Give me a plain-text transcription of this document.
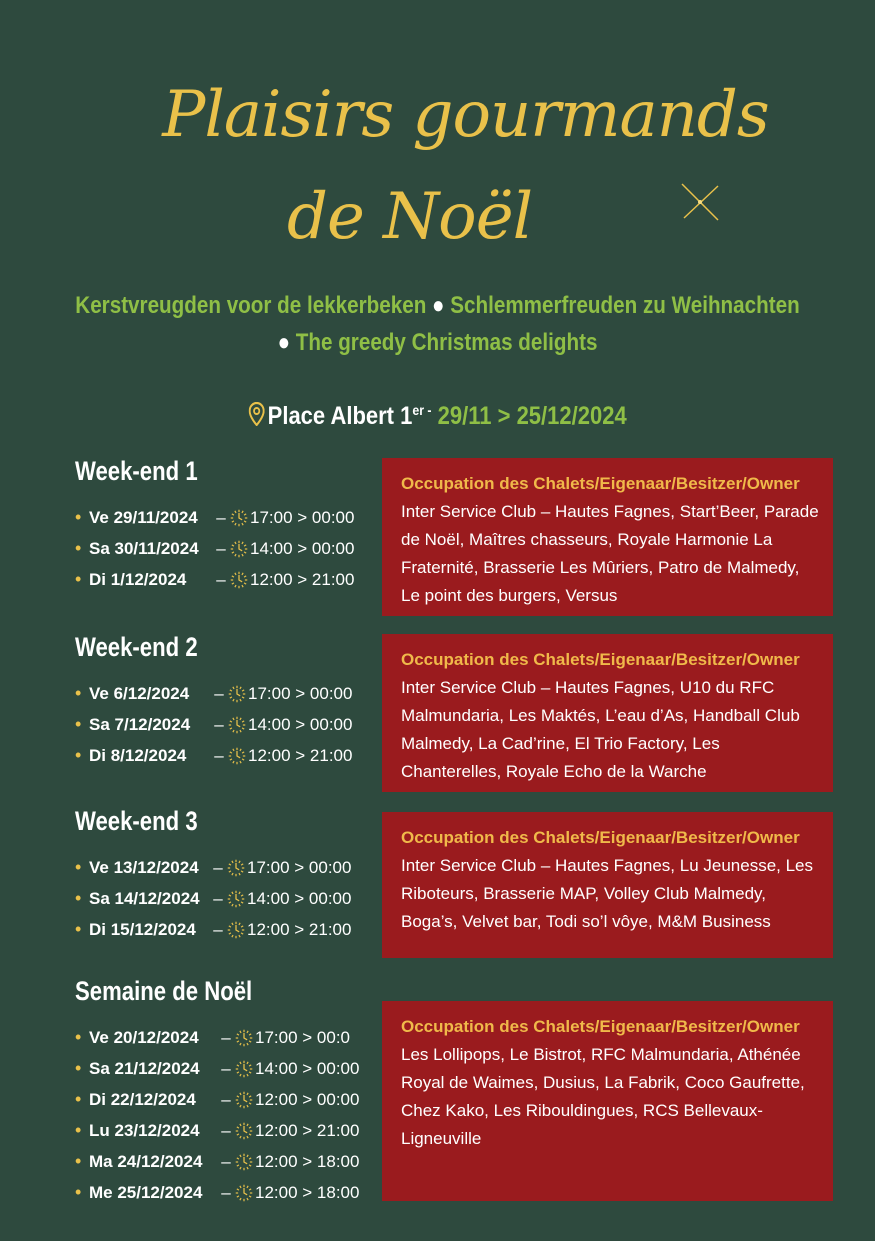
Plaisirs gourmands
de Noël
Kerstvreugden voor de lekkerbeken ● Schlemmerfreuden zu Weihnachten
● The greedy Christmas delights
Place Albert $1^{er -}$ 29/11 > 25/12/2024
Week-end 1
• Ve 29/11/2024	– 17:00 > 00:00
• Sa 30/11/2024	– 14:00 > 00:00
• Di 1/12/2024	– 12:00 > 21:00
Occupation des Chalets/Eigenaar/Besitzer/Owner
Inter Service Club – Hautes Fagnes, Start’Beer, Parade de Noël, Maîtres chasseurs, Royale Harmonie La Fraternité, Brasserie Les Mûriers, Patro de Malmedy, Le point des burgers, Versus
Week-end 2
• Ve 6/12/2024	– 17:00 > 00:00
• Sa 7/12/2024	– 14:00 > 00:00
• Di 8/12/2024	– 12:00 > 21:00
Occupation des Chalets/Eigenaar/Besitzer/Owner
Inter Service Club – Hautes Fagnes, U10 du RFC Malmundaria, Les Maktés, L’eau d’As, Handball Club Malmedy, La Cad’rine, El Trio Factory, Les Chanterelles, Royale Echo de la Warche
Week-end 3
• Ve 13/12/2024 – 17:00 > 00:00
• Sa 14/12/2024 – 14:00 > 00:00
• Di 15/12/2024	– 12:00 > 21:00
Occupation des Chalets/Eigenaar/Besitzer/Owner
Inter Service Club – Hautes Fagnes, Lu Jeunesse, Les Riboteurs, Brasserie MAP, Volley Club Malmedy, Boga’s, Velvet bar, Todi so’l vôye, M&M Business
Semaine de Noël
• Ve 20/12/2024	– 17:00 > 00:0
• Sa 21/12/2024	– 14:00 > 00:00
• Di 22/12/2024	– 12:00 > 00:00
• Lu 23/12/2024	– 12:00 > 21:00
• Ma 24/12/2024	– 12:00 > 18:00
• Me 25/12/2024	– 12:00 > 18:00
Occupation des Chalets/Eigenaar/Besitzer/Owner
Les Lollipops, Le Bistrot, RFC Malmundaria, Athénée Royal de Waimes, Dusius, La Fabrik, Coco Gaufrette, Chez Kako, Les Ribouldingues, RCS Bellevaux-Ligneuville
